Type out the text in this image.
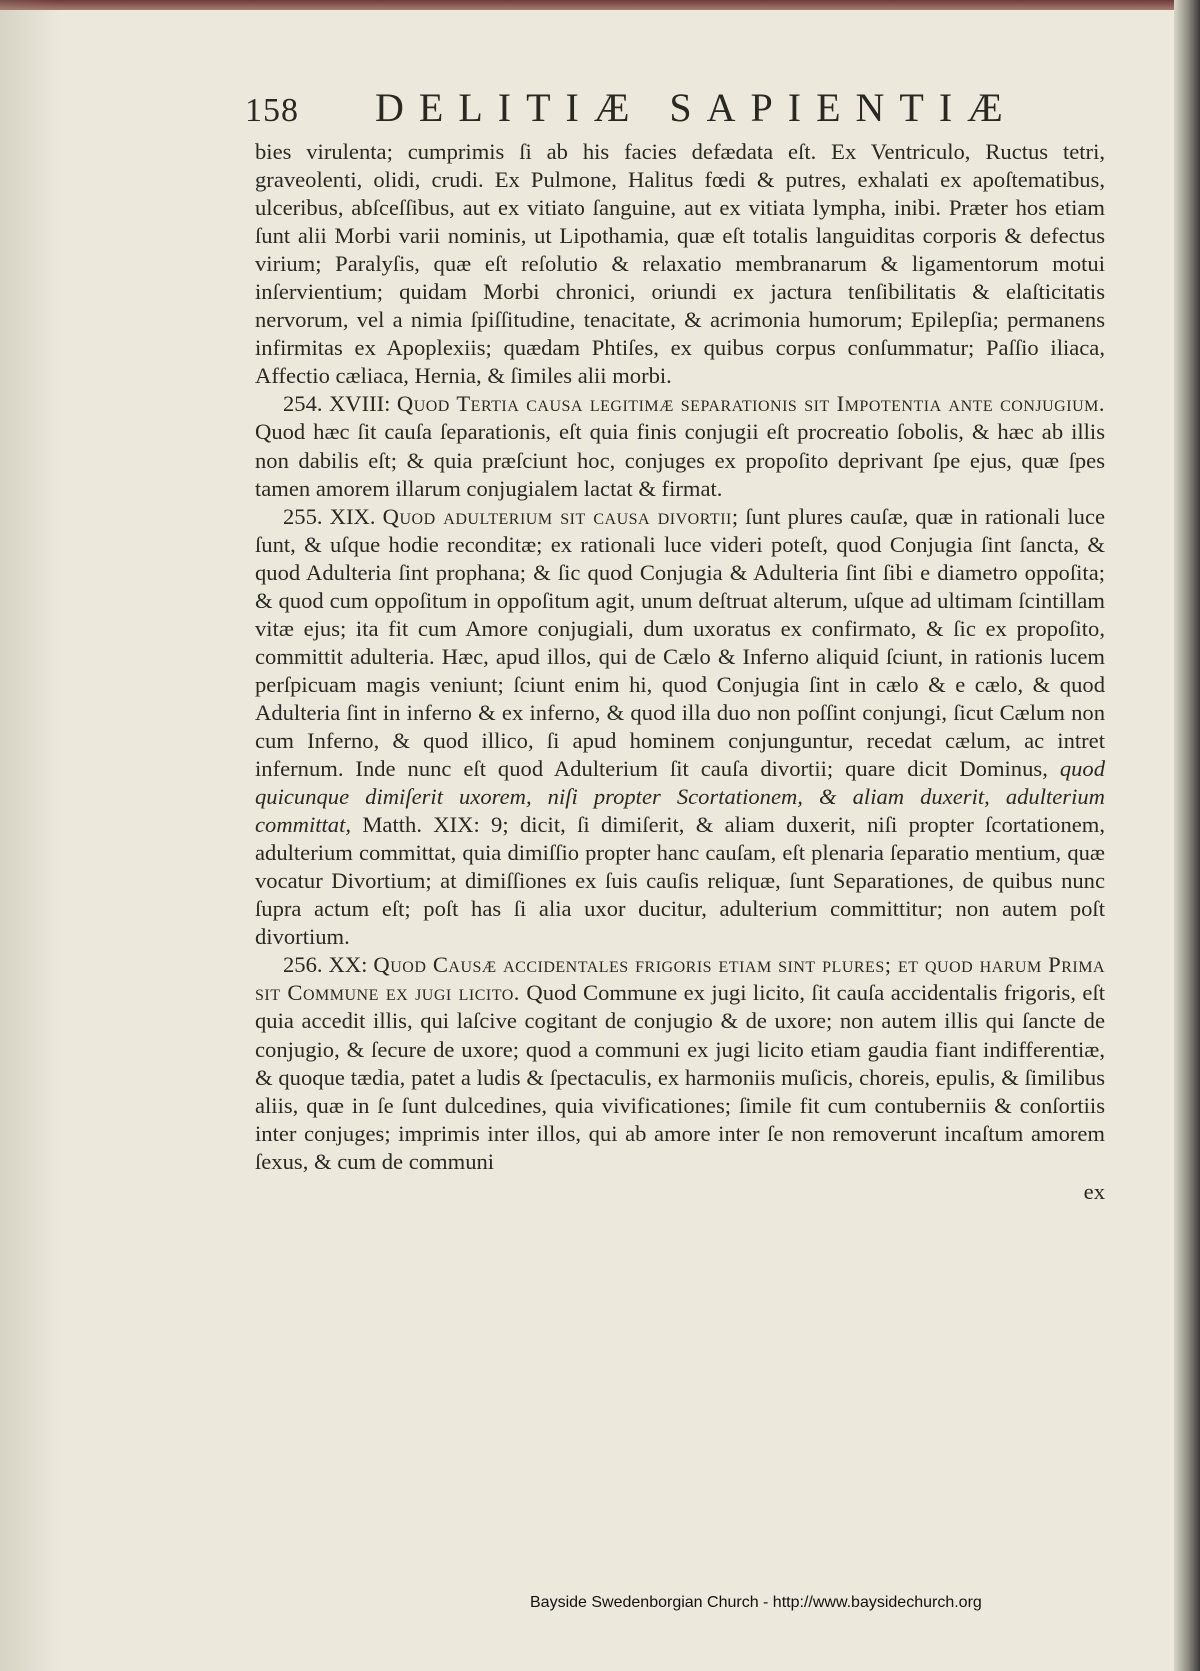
158 DELITIÆ SAPIENTIÆ

bies virulenta; cumprimis ſi ab his facies defædata eſt. Ex Ventriculo, Ructus tetri, graveolenti, olidi, crudi. Ex Pulmone, Halitus fœdi & putres, exhalati ex apoſtematibus, ulceribus, abſceſſibus, aut ex vitiato ſanguine, aut ex vitiata lympha, inibi. Præter hos etiam ſunt alii Morbi varii nominis, ut Lipothamia, quæ eſt totalis languiditas corporis & defectus virium; Paralyſis, quæ eſt reſolutio & relaxatio membranarum & ligamentorum motui inſervientium; quidam Morbi chronici, oriundi ex jactura tenſibilitatis & elaſticitatis nervorum, vel a nimia ſpiſſitudine, tenacitate, & acrimonia humorum; Epilepſia; permanens infirmitas ex Apoplexiis; quædam Phtiſes, ex quibus corpus conſummatur; Paſſio iliaca, Affectio cæliaca, Hernia, & ſimiles alii morbi.

254. XVIII: Quod Tertia causa legitimæ separationis sit Impotentia ante conjugium. Quod hæc ſit cauſa ſeparationis, eſt quia finis conjugii eſt procreatio ſobolis, & hæc ab illis non dabilis eſt; & quia præſciunt hoc, conjuges ex propoſito deprivant ſpe ejus, quæ ſpes tamen amorem illarum conjugialem lactat & firmat.

255. XIX. Quod adulterium sit causa divortii; ſunt plures cauſæ, quæ in rationali luce ſunt, & uſque hodie reconditæ; ex rationali luce videri poteſt, quod Conjugia ſint ſancta, & quod Adulteria ſint prophana; & ſic quod Conjugia & Adulteria ſint ſibi e diametro oppoſita; & quod cum oppoſitum in oppoſitum agit, unum deſtruat alterum, uſque ad ultimam ſcintillam vitæ ejus; ita fit cum Amore conjugiali, dum uxoratus ex confirmato, & ſic ex propoſito, committit adulteria. Hæc, apud illos, qui de Cælo & Inferno aliquid ſciunt, in rationis lucem perſpicuam magis veniunt; ſciunt enim hi, quod Conjugia ſint in cælo & e cælo, & quod Adulteria ſint in inferno & ex inferno, & quod illa duo non poſſint conjungi, ſicut Cælum non cum Inferno, & quod illico, ſi apud hominem conjunguntur, recedat cælum, ac intret infernum. Inde nunc eſt quod Adulterium ſit cauſa divortii; quare dicit Dominus, quod quicunque dimiſerit uxorem, niſi propter Scortationem, & aliam duxerit, adulterium committat, Matth. XIX: 9; dicit, ſi dimiſerit, & aliam duxerit, niſi propter ſcortationem, adulterium committat, quia dimiſſio propter hanc cauſam, eſt plenaria ſeparatio mentium, quæ vocatur Divortium; at dimiſſiones ex ſuis cauſis reliquæ, ſunt Separationes, de quibus nunc ſupra actum eſt; poſt has ſi alia uxor ducitur, adulterium committitur; non autem poſt divortium.

256. XX: Quod Causæ accidentales frigoris etiam sint plures; et quod harum Prima sit Commune ex jugi licito. Quod Commune ex jugi licito, ſit cauſa accidentalis frigoris, eſt quia accedit illis, qui laſcive cogitant de conjugio & de uxore; non autem illis qui ſancte de conjugio, & ſecure de uxore; quod a communi ex jugi licito etiam gaudia fiant indifferentiæ, & quoque tædia, patet a ludis & ſpectaculis, ex harmoniis muſicis, choreis, epulis, & ſimilibus aliis, quæ in ſe ſunt dulcedines, quia vivificationes; ſimile fit cum contuberniis & conſortiis inter conjuges; imprimis inter illos, qui ab amore inter ſe non removerunt incaſtum amorem ſexus, & cum de communi

ex
Bayside Swedenborgian Church - http://www.baysidechurch.org
